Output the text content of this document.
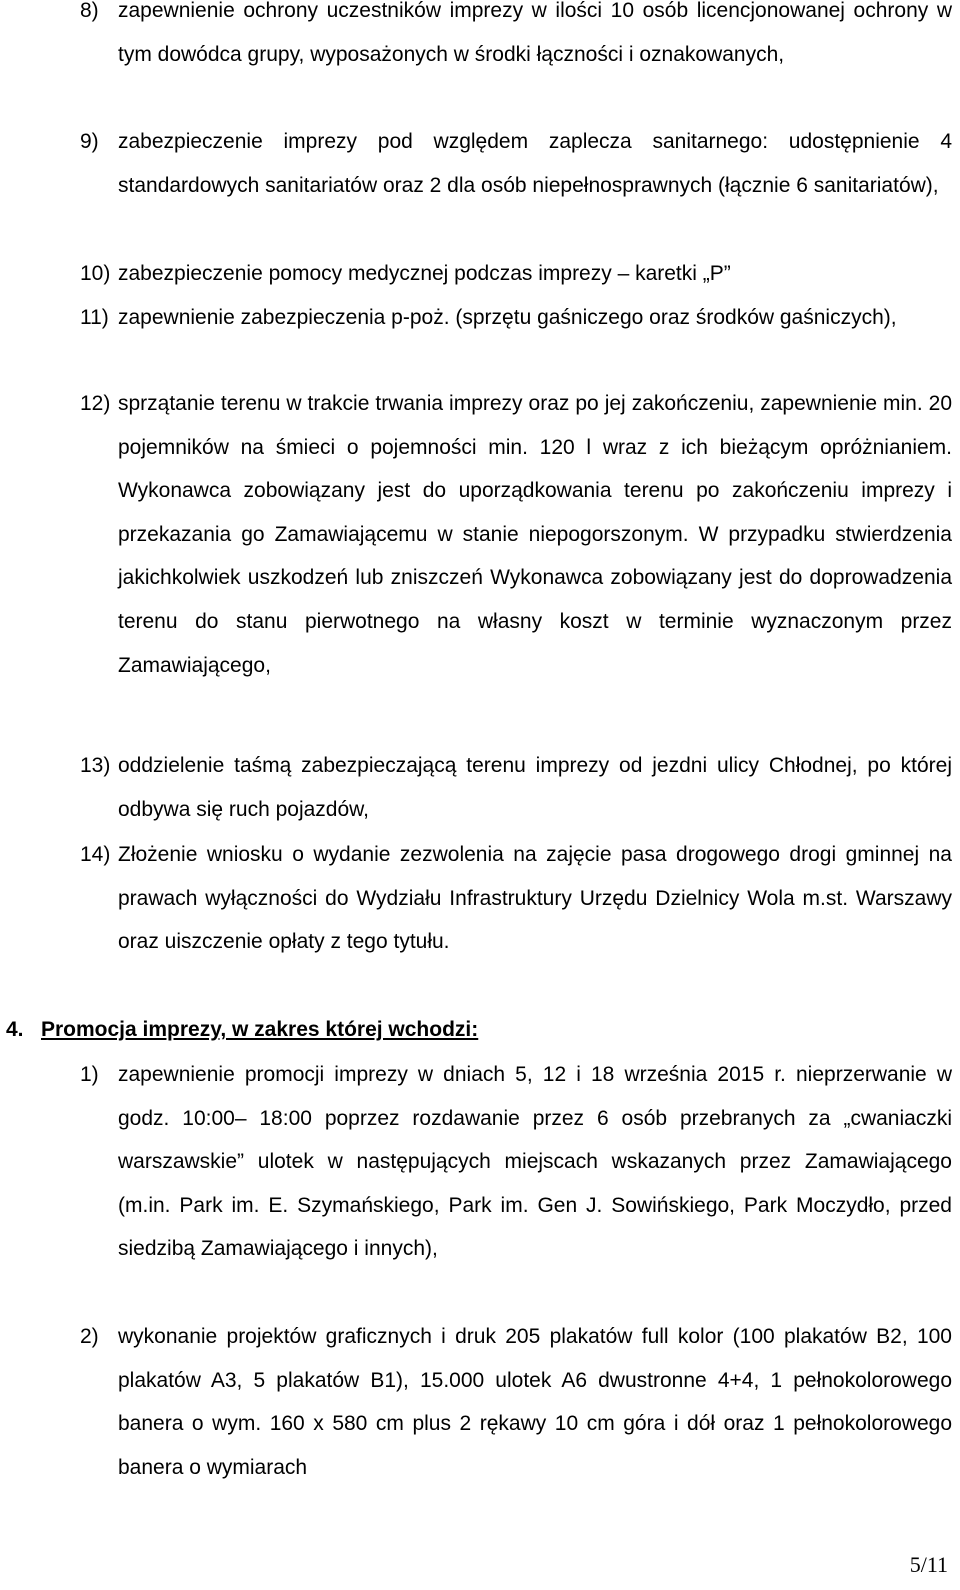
8) zapewnienie ochrony uczestników imprezy w ilości 10 osób licencjonowanej ochrony w tym dowódca grupy, wyposażonych w środki łączności i oznakowanych,
9) zabezpieczenie imprezy pod względem zaplecza sanitarnego: udostępnienie 4 standardowych sanitariatów oraz 2 dla osób niepełnosprawnych (łącznie 6 sanitariatów),
10) zabezpieczenie pomocy medycznej podczas imprezy – karetki „P”
11) zapewnienie zabezpieczenia p-poż. (sprzętu gaśniczego oraz środków gaśniczych),
12) sprzątanie terenu w trakcie trwania imprezy oraz po jej zakończeniu, zapewnienie min. 20 pojemników na śmieci o pojemności min. 120 l wraz z ich bieżącym opróżnianiem. Wykonawca zobowiązany jest do uporządkowania terenu po zakończeniu imprezy i przekazania go Zamawiającemu w stanie niepogorszonym. W przypadku stwierdzenia jakichkolwiek uszkodzeń lub zniszczeń Wykonawca zobowiązany jest do doprowadzenia terenu do stanu pierwotnego na własny koszt w terminie wyznaczonym przez Zamawiającego,
13) oddzielenie taśmą zabezpieczającą terenu imprezy od jezdni ulicy Chłodnej, po której odbywa się ruch pojazdów,
14) Złożenie wniosku o wydanie zezwolenia na zajęcie pasa drogowego drogi gminnej na prawach wyłączności do Wydziału Infrastruktury Urzędu Dzielnicy Wola m.st. Warszawy oraz uiszczenie opłaty z tego tytułu.
4. Promocja imprezy, w zakres której wchodzi:
1) zapewnienie promocji imprezy w dniach 5, 12 i 18 września 2015 r. nieprzerwanie w godz. 10:00– 18:00 poprzez rozdawanie przez 6 osób przebranych za „cwaniaczki warszawskie” ulotek w następujących miejscach wskazanych przez Zamawiającego (m.in. Park im. E. Szymańskiego, Park im. Gen J. Sowińskiego, Park Moczydło, przed siedzibą Zamawiającego i innych),
2) wykonanie projektów graficznych i druk 205 plakatów full kolor (100 plakatów B2, 100 plakatów A3, 5 plakatów B1), 15.000 ulotek A6 dwustronne 4+4, 1 pełnokolorowego banera o wym. 160 x 580 cm plus 2 rękawy 10 cm góra i dół oraz 1 pełnokolorowego banera o wymiarach
5/11
